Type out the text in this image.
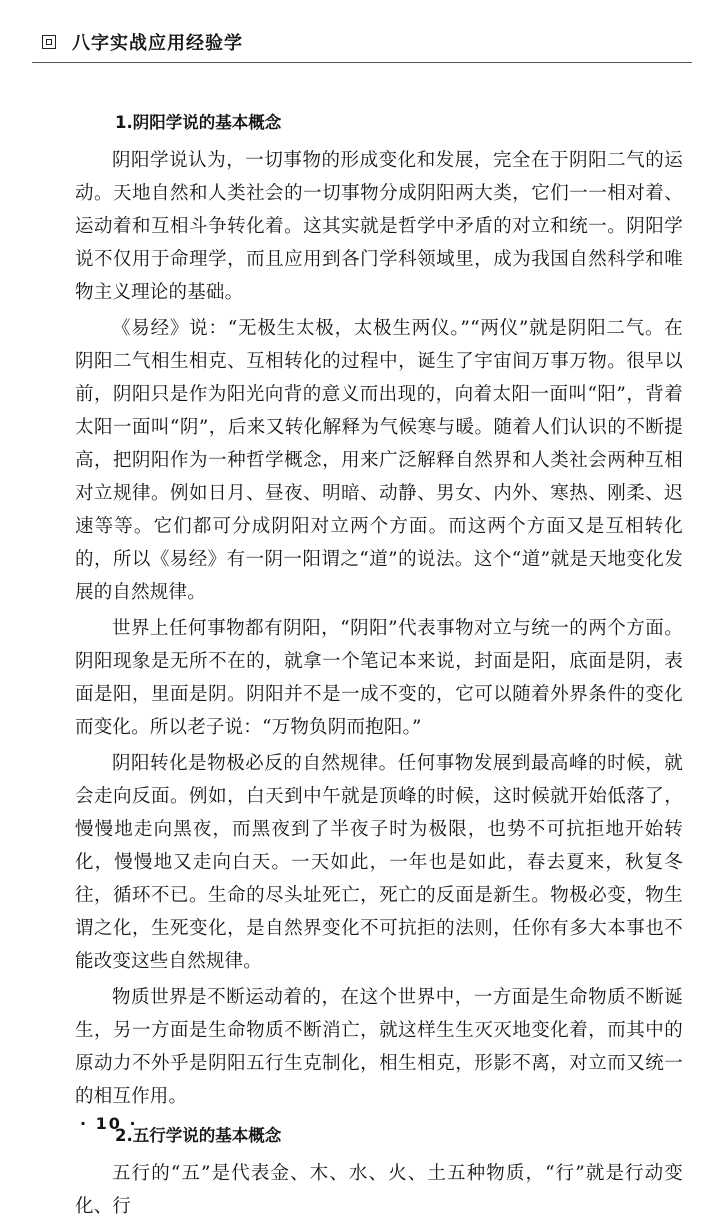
八字实战应用经验学
1.阴阳学说的基本概念

阴阳学说认为，一切事物的形成变化和发展，完全在于阴阳二气的运动。天地自然和人类社会的一切事物分成阴阳两大类，它们一一相对着、运动着和互相斗争转化着。这其实就是哲学中矛盾的对立和统一。阴阳学说不仅用于命理学，而且应用到各门学科领域里，成为我国自然科学和唯物主义理论的基础。

《易经》说：“无极生太极，太极生两仪。”“两仪”就是阴阳二气。在阴阳二气相生相克、互相转化的过程中，诞生了宇宙间万事万物。很早以前，阴阳只是作为阳光向背的意义而出现的，向着太阳一面叫“阳”，背着太阳一面叫“阴”，后来又转化解释为气候寒与暖。随着人们认识的不断提高，把阴阳作为一种哲学概念，用来广泛解释自然界和人类社会两种互相对立规律。例如日月、昼夜、明暗、动静、男女、内外、寒热、刚柔、迟速等等。它们都可分成阴阳对立两个方面。而这两个方面又是互相转化的，所以《易经》有一阴一阳谓之“道”的说法。这个“道”就是天地变化发展的自然规律。

世界上任何事物都有阴阳，“阴阳”代表事物对立与统一的两个方面。阴阳现象是无所不在的，就拿一个笔记本来说，封面是阳，底面是阴，表面是阳，里面是阴。阴阳并不是一成不变的，它可以随着外界条件的变化而变化。所以老子说：“万物负阴而抱阳。”

阴阳转化是物极必反的自然规律。任何事物发展到最高峰的时候，就会走向反面。例如，白天到中午就是顶峰的时候，这时候就开始低落了，慢慢地走向黑夜，而黑夜到了半夜子时为极限，也势不可抗拒地开始转化，慢慢地又走向白天。一天如此，一年也是如此，春去夏来，秋复冬往，循环不已。生命的尽头址死亡，死亡的反面是新生。物极必变，物生谓之化，生死变化，是自然界变化不可抗拒的法则，任你有多大本事也不能改变这些自然规律。

物质世界是不断运动着的，在这个世界中，一方面是生命物质不断诞生，另一方面是生命物质不断消亡，就这样生生灭灭地变化着，而其中的原动力不外乎是阴阳五行生克制化，相生相克，形影不离，对立而又统一的相互作用。

2.五行学说的基本概念

五行的“五”是代表金、木、水、火、土五种物质，“行”就是行动变化、行

· 10 ·
